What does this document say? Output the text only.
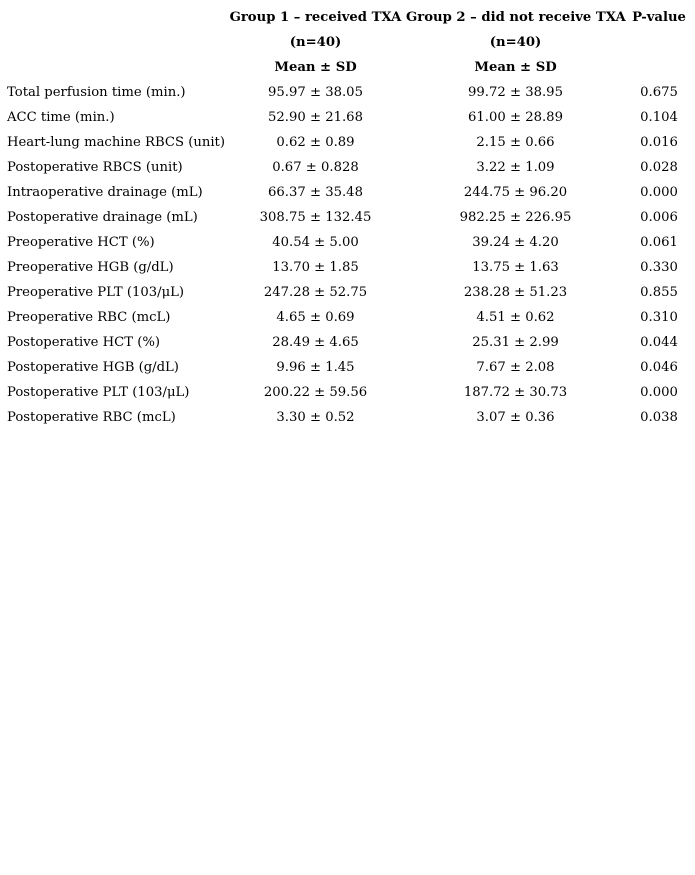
	Group 1 – received TXA	Group 2 – did not receive TXA	P-value
	(n=40)	(n=40)	
	Mean ± SD	Mean ± SD	
Total perfusion time (min.)	95.97 ± 38.05	99.72 ± 38.95	0.675
ACC time (min.)	52.90 ± 21.68	61.00 ± 28.89	0.104
Heart-lung machine RBCS (unit)	0.62 ± 0.89	2.15 ± 0.66	0.016
Postoperative RBCS (unit)	0.67 ± 0.828	3.22 ± 1.09	0.028
Intraoperative drainage (mL)	66.37 ± 35.48	244.75 ± 96.20	0.000
Postoperative drainage (mL)	308.75 ± 132.45	982.25 ± 226.95	0.006
Preoperative HCT (%)	40.54 ± 5.00	39.24 ± 4.20	0.061
Preoperative HGB (g/dL)	13.70 ± 1.85	13.75 ± 1.63	0.330
Preoperative PLT (103/μL)	247.28 ± 52.75	238.28 ± 51.23	0.855
Preoperative RBC (mcL)	4.65 ± 0.69	4.51 ± 0.62	0.310
Postoperative HCT (%)	28.49 ± 4.65	25.31 ± 2.99	0.044
Postoperative HGB (g/dL)	9.96 ± 1.45	7.67 ± 2.08	0.046
Postoperative PLT (103/μL)	200.22 ± 59.56	187.72 ± 30.73	0.000
Postoperative RBC (mcL)	3.30 ± 0.52	3.07 ± 0.36	0.038
